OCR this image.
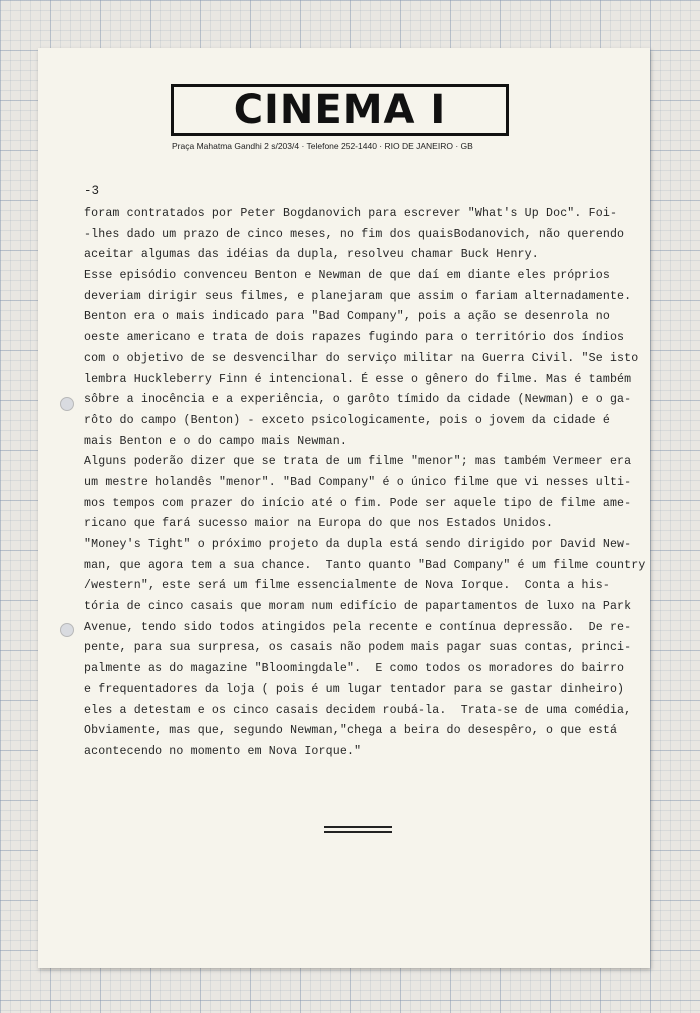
CINEMA I
Praça Mahatma Gandhi 2 s/203/4 · Telefone 252-1440 · RIO DE JANEIRO · GB
-3
foram contratados por Peter Bogdanovich para escrever "What's Up Doc". Foi-
-lhes dado um prazo de cinco meses, no fim dos quaisBodanovich, não querendo
aceitar algumas das idéias da dupla, resolveu chamar Buck Henry.
Esse episódio convenceu Benton e Newman de que daí em diante eles próprios
deveriam dirigir seus filmes, e planejaram que assim o fariam alternadamente.
Benton era o mais indicado para "Bad Company", pois a ação se desenrola no
oeste americano e trata de dois rapazes fugindo para o território dos índios
com o objetivo de se desvencilhar do serviço militar na Guerra Civil. "Se isto
lembra Huckleberry Finn é intencional. É esse o gênero do filme. Mas é também
sôbre a inocência e a experiência, o garôto tímido da cidade (Newman) e o ga-
rôto do campo (Benton) - exceto psicologicamente, pois o jovem da cidade é
mais Benton e o do campo mais Newman.
Alguns poderão dizer que se trata de um filme "menor"; mas também Vermeer era
um mestre holandês "menor". "Bad Company" é o único filme que vi nesses ulti-
mos tempos com prazer do início até o fim. Pode ser aquele tipo de filme ame-
ricano que fará sucesso maior na Europa do que nos Estados Unidos.
"Money's Tight" o próximo projeto da dupla está sendo dirigido por David New-
man, que agora tem a sua chance.  Tanto quanto "Bad Company" é um filme country
/western", este será um filme essencialmente de Nova Iorque.  Conta a his-
tória de cinco casais que moram num edifício de papartamentos de luxo na Park
Avenue, tendo sido todos atingidos pela recente e contínua depressão.  De re-
pente, para sua surpresa, os casais não podem mais pagar suas contas, princi-
palmente as do magazine "Bloomingdale".  E como todos os moradores do bairro
e frequentadores da loja ( pois é um lugar tentador para se gastar dinheiro)
eles a detestam e os cinco casais decidem roubá-la.  Trata-se de uma comédia,
Obviamente, mas que, segundo Newman,"chega a beira do desespêro, o que está
acontecendo no momento em Nova Iorque."
